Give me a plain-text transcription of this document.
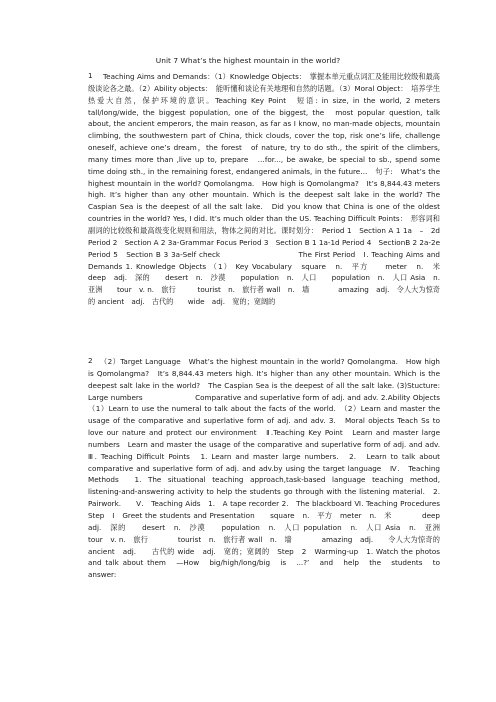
Unit 7 What’s the highest mountain in the world?
1	Teaching Aims and Demands：（1）Knowledge Objects：　掌握本单元重点词汇及能用比较级和最高级谈论各之最。（2）Ability objects：　能听懂和谈论有关地理和自然的话题。（3）Moral Object：　培养学生热爱大自然，保护环境的意识。Teaching Key Point　短语: in size, in the world, 2 meters tall/long/wide, the biggest population, one of the biggest, the　most popular question, talk about, the ancient emperors, the main reason, as far as I know, no man-made objects, mountain climbing, the southwestern part of China, thick clouds, cover the top, risk one’s life, challenge oneself, achieve one’s dream，the forest　of nature, try to do sth., the spirit of the climbers, many times more than ,live up to, prepare　…for..., be awake, be special to sb., spend some time doing sth., in the remaining forest, endangered animals, in the future…　句子:　What’s the highest mountain in the world? Qomolangma.　How high is Qomolangma?　It’s 8,844.43 meters high. It’s higher than any other mountain. Which is the deepest salt lake in the world? The Caspian Sea is the deepest of all the salt lake.　Did you know that China is one of the oldest countries in the world? Yes, I did. It’s much older than the US. Teaching Difficult Points：　形容词和副词的比较级和最高级变化规则和用法，物体之间的对比。课时划分：　Period 1　Section A 1 1a　–　2d　Period 2　Section A 2 3a-Grammar Focus Period 3　Section B 1 1a-1d Period 4　SectionB 2 2a-2e　Period 5　Section B 3 3a-Self check　　　　　　　　　　The First Period　Ⅰ. Teaching Aims and Demands 1. Knowledge Objects （1） Key Vocabulary　square　n.　平方　　meter　n.　米　　deep　adj.　深的　　desert　n.　沙漠　　population　n.　人口　　population　n.　人口 Asia　n.　亚洲　　tour　v. n.　旅行　　　tourist　n.　旅行者 wall　n.　墙　　　　amazing　adj.　令人大为惊奇的 ancient　adj.　古代的　　wide　adj.　宽的；宽阔的
2	（2）Target Language　What’s the highest mountain in the world? Qomolangma.　How high is Qomolangma?　It’s 8,844.43 meters high. It’s higher than any other mountain. Which is the deepest salt lake in the world?　The Caspian Sea is the deepest of all the salt lake. (3)Stucture: Large numbers　　　　　　　Comparative and superlative form of adj. and adv. 2.Ability Objects　（1）Learn to use the numeral to talk about the facts of the world.　（2）Learn and master the usage of the comparative and superlative form of adj. and adv. 3.　Moral objects Teach Ss to love our nature and protect our environment　Ⅱ.Teaching Key Point　Learn and master large numbers　Learn and master the usage of the comparative and superlative form of adj. and adv.　Ⅲ. Teaching Difficult Points　1. Learn and master large numbers.　2.　Learn to talk about comparative and superlative form of adj. and adv.by using the target language　Ⅳ.　Teaching Methods　1. The situational teaching approach,task-based language teaching method,　listening-and-answering activity to help the students go through with the listening material.　2. Pairwork.　　Ⅴ.　Teaching Aids　1.　A tape recorder 2.　The blackboard Ⅵ. Teaching Procedures　Step　Ⅰ　Greet the students and Presentation　　square　n.　平方　meter　n.　米　　　　deep　adj.　深的　　desert　n.　沙漠　　population　n.　人口 population　n.　人口 Asia　n.　亚洲　　tour　v. n.　旅行　　　　tourist　n.　旅行者 wall　n.　墙　　　　amazing　adj.　　令人大为惊奇的　　ancient　adj.　　古代的 wide　adj.　宽的；宽阔的　Step　2　Warming-up　1. Watch the photos and talk about them　—How　big/high/long/big　is　...?’　and　help　the　students　to　answer:
